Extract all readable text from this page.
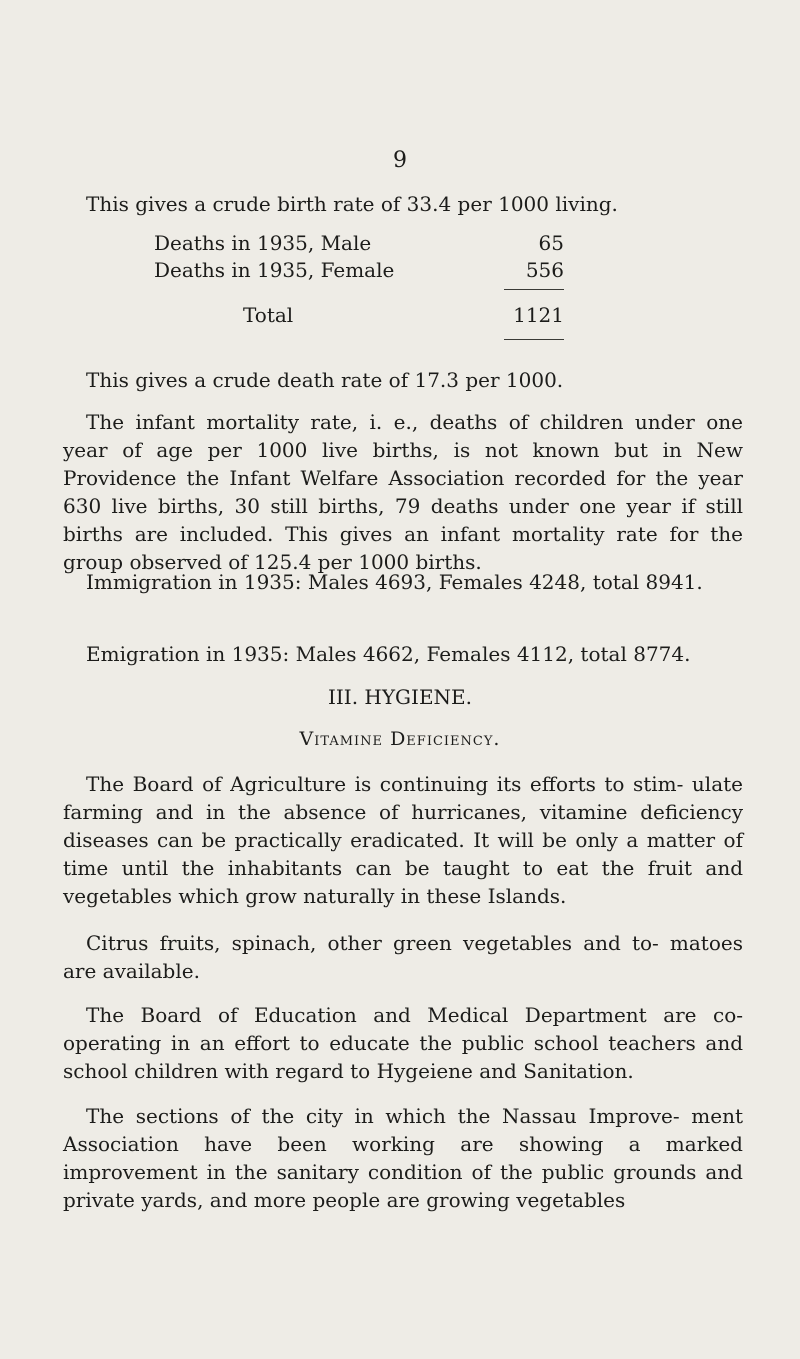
9
This gives a crude birth rate of 33.4 per 1000 living.
Deaths in 1935, Male	65
Deaths in 1935, Female	556
Total	1121
This gives a crude death rate of 17.3 per 1000.
The infant mortality rate, i. e., deaths of children under one year of age per 1000 live births, is not known but in New Providence the Infant Welfare Association recorded for the year 630 live births, 30 still births, 79 deaths under one year if still births are included. This gives an infant mortality rate for the group observed of 125.4 per 1000 births.
Immigration in 1935: Males 4693, Females 4248, total 8941.
Emigration in 1935: Males 4662, Females 4112, total 8774.
III. HYGIENE.
Vitamine Deficiency.
The Board of Agriculture is continuing its efforts to stim- ulate farming and in the absence of hurricanes, vitamine deficiency diseases can be practically eradicated. It will be only a matter of time until the inhabitants can be taught to eat the fruit and vegetables which grow naturally in these Islands.
Citrus fruits, spinach, other green vegetables and to- matoes are available.
The Board of Education and Medical Department are co-operating in an effort to educate the public school teachers and school children with regard to Hygeiene and Sanitation.
The sections of the city in which the Nassau Improve- ment Association have been working are showing a marked improvement in the sanitary condition of the public grounds and private yards, and more people are growing vegetables
